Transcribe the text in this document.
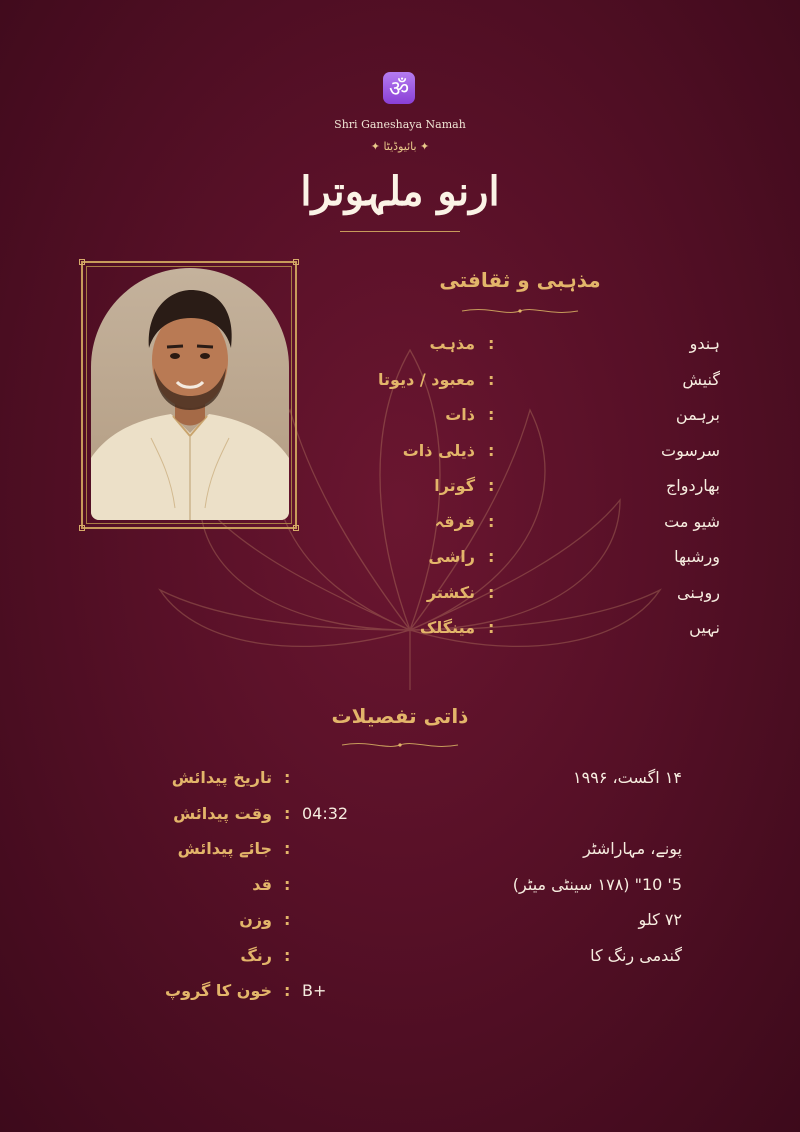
ॐ
Shri Ganeshaya Namah
✦ بائیوڈیٹا ✦
ارنو ملہوترا
مذہبی و ثقافتی
مذہب :	ہندو
معبود / دیوتا :	گنیش
ذات :	برہمن
ذیلی ذات :	سرسوت
گوترا :	بھاردواج
فرقہ :	شیو مت
راشی :	ورشبھا
نکشتر :	روہنی
مینگلک :	نہیں
ذاتی تفصیلات
تاریخ پیدائش :	۱۴ اگست، ۱۹۹۶
وقت پیدائش : 04:32
جائے پیدائش :	پونے، مہاراشٹر
قد :	5' 10" (۱۷۸ سینٹی میٹر)
وزن :	۷۲ کلو
رنگ :	گندمی رنگ کا
خون کا گروپ : B+
